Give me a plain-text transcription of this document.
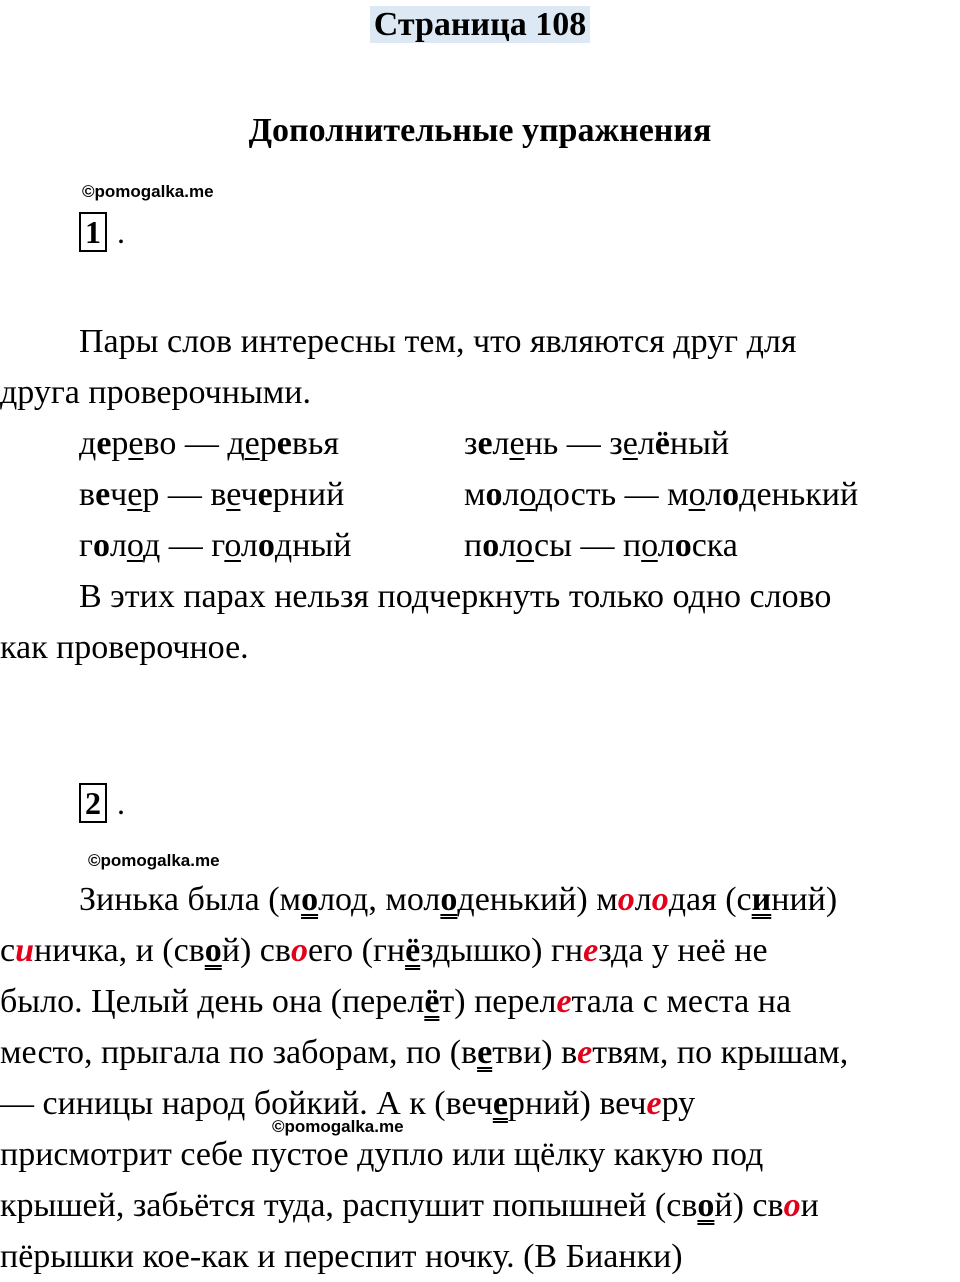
Страница 108
Дополнительные упражнения
©pomogalka.me
1 .
Пары слов интересны тем, что являются друг для
друга проверочными.
дерево — деревья	зелень — зелёный
вечер — вечерний	молодость — молоденький
голод — голодный	полосы — полоска
В этих парах нельзя подчеркнуть только одно слово
как проверочное.
2 .
©pomogalka.me
Зинька была (молод, молоденький) молодая (синий)
синичка, и (свой) своего (гнёздышко) гнезда у неё не
было. Целый день она (перелёт) перелетала с места на
место, прыгала по заборам, по (ветви) ветвям, по крышам,
— синицы народ бойкий. А к (вечерний) вечеру
©pomogalka.me
присмотрит себе пустое дупло или щёлку какую под
крышей, забьётся туда, распушит попышней (свой) свои
пёрышки кое-как и переспит ночку. (В Бианки)
